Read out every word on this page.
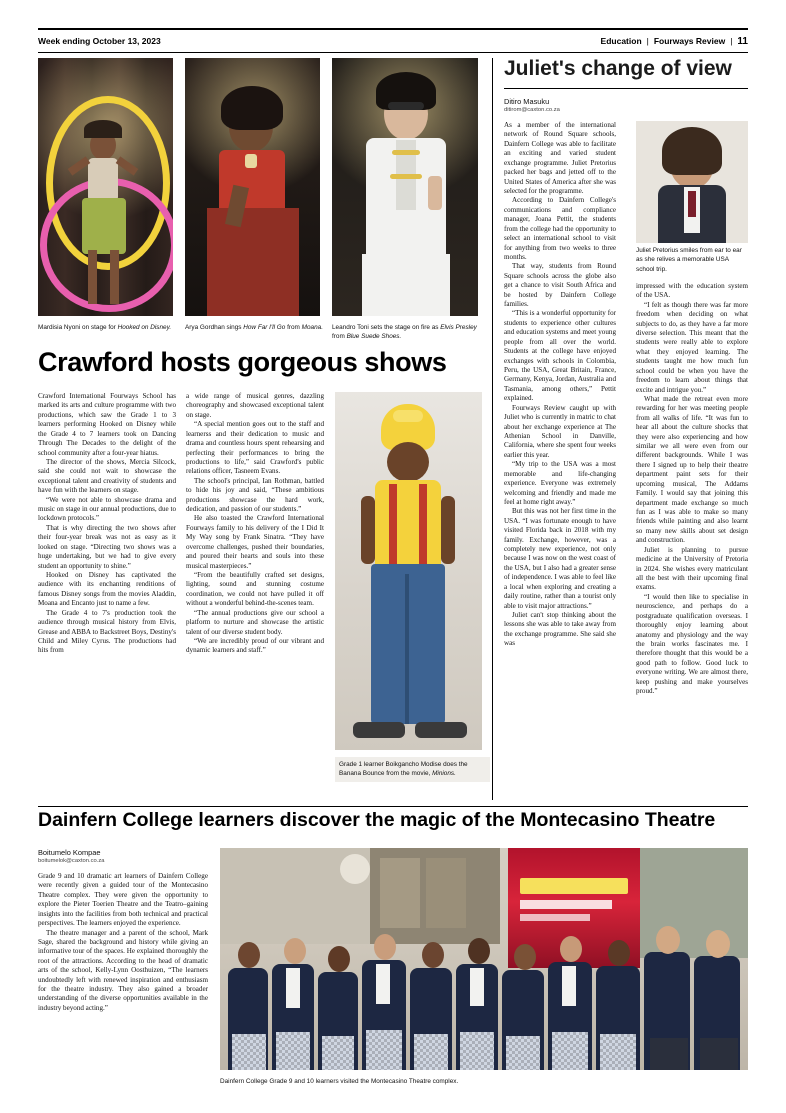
Week ending October 13, 2023	Education | Fourways Review | 11
Mardisia Nyoni on stage for Hooked on Disney. Arya Gordhan sings How Far I'll Go from Moana. Leandro Toni sets the stage on fire as Elvis Presley from Blue Suede Shoes.
Crawford hosts gorgeous shows

Crawford International Fourways School has marked its arts and culture programme with two productions, which saw the Grade 1 to 3 learners performing Hooked on Disney while the Grade 4 to 7 learners took on Dancing Through The Decades to the delight of the school community after a four-year hiatus.

The director of the shows, Mercia Silcock, said she could not wait to showcase the exceptional talent and creativity of students and have fun with the learners on stage.

“We were not able to showcase drama and music on stage in our annual productions, due to lockdown protocols.”

That is why directing the two shows after their four-year break was not as easy as it looked on stage. “Directing two shows was a huge undertaking, but we had to give every student an opportunity to shine.”

Hooked on Disney has captivated the audience with its enchanting renditions of famous Disney songs from the movies Aladdin, Moana and Encanto just to name a few.

The Grade 4 to 7's production took the audience through musical history from Elvis, Grease and ABBA to Backstreet Boys, Destiny's Child and Miley Cyrus. The productions had hits from

a wide range of musical genres, dazzling choreography and showcased exceptional talent on stage.

“A special mention goes out to the staff and learnerss and their dedication to music and drama and countless hours spent rehearsing and perfecting their performances to bring the productions to life,” said Crawford's public relations officer, Tasneem Evans.

The school's principal, Ian Rothman, battled to hide his joy and said, “These ambitious productions showcase the hard work, dedication, and passion of our students.”

He also toasted the Crawford International Fourways family to his delivery of the I Did It My Way song by Frank Sinatra. “They have overcome challenges, pushed their boundaries, and poured their hearts and souls into these musical masterpieces.”

“From the beautifully crafted set designs, lighting, sound and stunning costume coordination, we could not have pulled it off without a wonderful behind-the-scenes team.

“The annual productions give our school a platform to nurture and showcase the artistic talent of our diverse student body.

“We are incredibly proud of our vibrant and dynamic learners and staff.”

Grade 1 learner Boikgancho Modise does the Banana Bounce from the movie, Minions.
Juliet's change of view
Ditiro Masuku
ditirom@caxton.co.za

As a member of the international network of Round Square schools, Dainfern College was able to facilitate an exciting and varied student exchange programme. Juliet Pretorius packed her bags and jetted off to the United States of America after she was selected for the programme.

According to Dainfern College's communications and compliance manager, Joana Pettit, the students from the college had the opportunity to select an international school to visit for anything from two weeks to three months.

That way, students from Round Square schools across the globe also get a chance to visit South Africa and be hosted by Dainfern College families.

“This is a wonderful opportunity for students to experience other cultures and education systems and meet young people from all over the world. Students at the college have enjoyed exchanges with schools in Colombia, Peru, the USA, Great Britain, France, Germany, Kenya, Jordan, Australia and Tasmania, among others,” Pettit explained.

Fourways Review caught up with Juliet who is currently in matric to chat about her exchange experience at The Athenian School in Danville, California, where she spent four weeks earlier this year.

“My trip to the USA was a most memorable and life-changing experience. Everyone was extremely welcoming and friendly and made me feel at home right away.”

But this was not her first time in the USA. “I was fortunate enough to have visited Florida back in 2018 with my family. Exchange, however, was a completely new experience, not only because I was now on the west coast of the USA, but I also had a greater sense of independence. I was able to feel like a local when exploring and creating a daily routine, rather than a tourist only able to visit major attractions.”

Juliet can't stop thinking about the lessons she was able to take away from the exchange programme. She said she was

Juliet Pretorius smiles from ear to ear as she relives a memorable USA school trip.

impressed with the education system of the USA.

“I felt as though there was far more freedom when deciding on what subjects to do, as they have a far more diverse selection. This meant that the students were really able to explore what they enjoyed learning. The students taught me how much fun school could be when you have the freedom to learn about things that excite and intrigue you.”

What made the retreat even more rewarding for her was meeting people from all walks of life. “It was fun to hear all about the culture shocks that they were also experiencing and how similar we all were even from our different backgrounds. While I was there I signed up to help their theatre department paint sets for their upcoming musical, The Addams Family. I would say that joining this department made exchange so much fun as I was able to make so many friends while painting and also learnt so many new skills about set design and construction.

Juliet is planning to pursue medicine at the University of Pretoria in 2024. She wishes every matriculant all the best with their upcoming final exams.

“I would then like to specialise in neuroscience, and perhaps do a postgraduate qualification overseas. I thoroughly enjoy learning about anatomy and physiology and the way the brain works fascinates me. I therefore thought that this would be a good path to follow. Good luck to everyone writing. We are almost there, keep pushing and make yourselves proud.”

Dainfern College learners discover the magic of the Montecasino Theatre
Boitumelo Kompae
boitumelok@caxton.co.za

Grade 9 and 10 dramatic art learners of Dainfern College were recently given a guided tour of the Montecasino Theatre complex. They were given the opportunity to explore the Pieter Toerien Theatre and the Teatro–gaining insights into the facilities from both technical and practical perspectives. The learners enjoyed the experience.

The theatre manager and a parent of the school, Mark Sage, shared the background and history while giving an informative tour of the spaces. He explained thoroughly the root of the attractions. According to the head of dramatic arts of the school, Kelly-Lynn Oosthuizen, “The learners undoubtedly left with renewed inspiration and enthusiasm for the theatre industry. They also gained a broader understanding of the diverse opportunities available in the industry beyond acting.”

Dainfern College Grade 9 and 10 learners visited the Montecasino Theatre complex.
